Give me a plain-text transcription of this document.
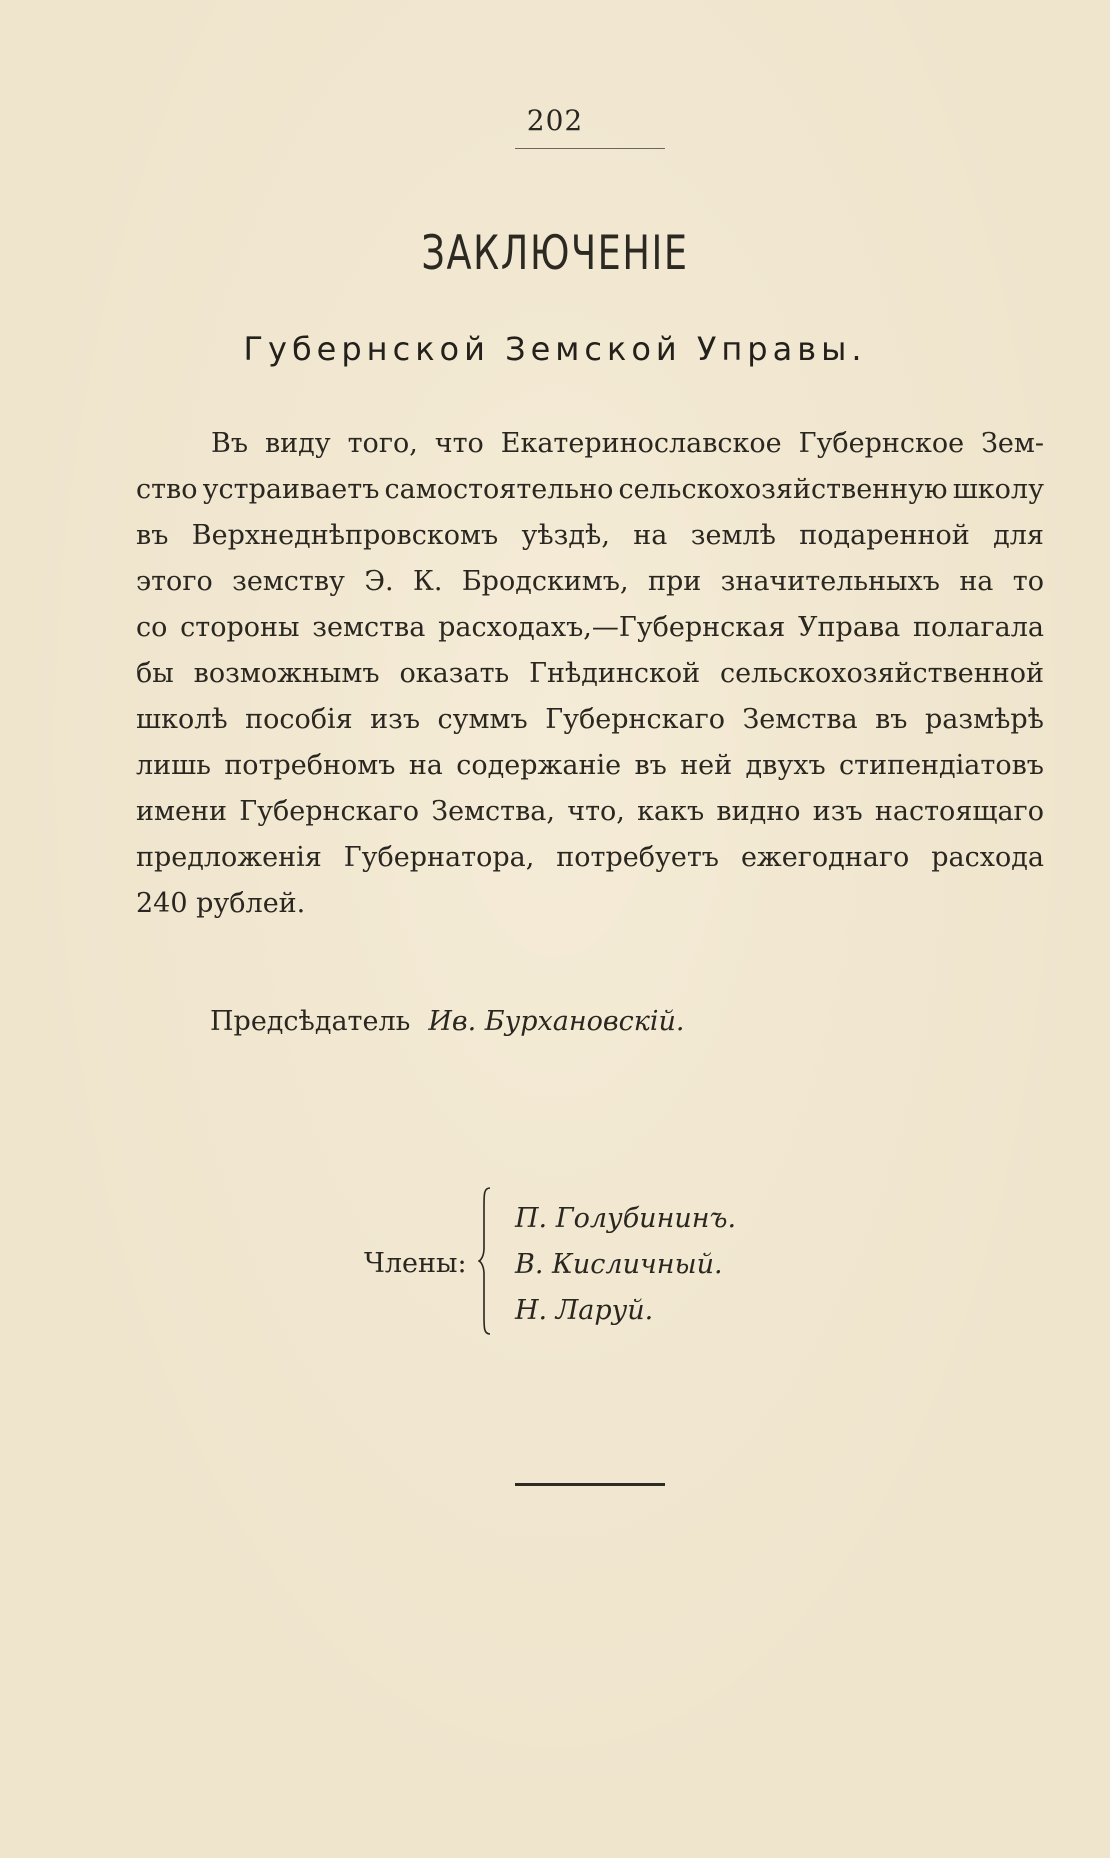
202
ЗАКЛЮЧЕНІЕ
Губернской Земской Управы.
Въ виду того, что Екатеринославское Губернское Зем-
ство устраиваетъ самостоятельно сельскохозяйственную школу
въ Верхнеднѣпровскомъ уѣздѣ, на землѣ подаренной для
этого земству Э. К. Бродскимъ, при значительныхъ на то
со стороны земства расходахъ,—Губернская Управа полагала
бы возможнымъ оказать Гнѣдинской сельскохозяйственной
школѣ пособія изъ суммъ Губернскаго Земства въ размѣрѣ
лишь потребномъ на содержаніе въ ней двухъ стипендіатовъ
имени Губернскаго Земства, что, какъ видно изъ настоящаго
предложенія Губернатора, потребуетъ ежегоднаго расхода
240 рублей.
Предсѣдатель Ив. Бурхановскій.
Члены:
П. Голубининъ.
В. Кисличный.
Н. Ларуй.
